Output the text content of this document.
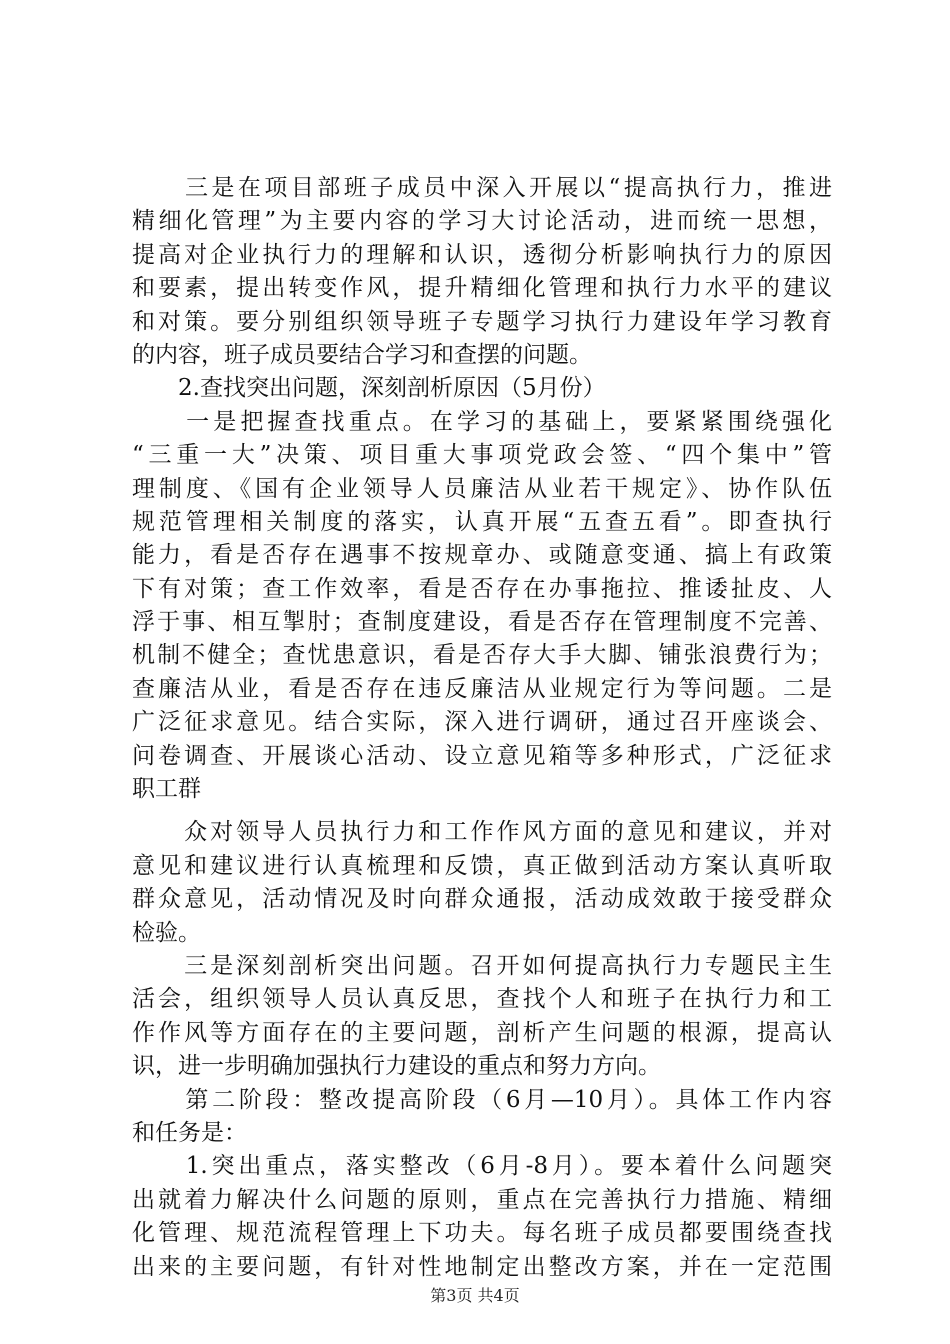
　　三是在项目部班子成员中深入开展以“提高执行力，推进
精细化管理”为主要内容的学习大讨论活动，进而统一思想，
提高对企业执行力的理解和认识，透彻分析影响执行力的原因
和要素，提出转变作风，提升精细化管理和执行力水平的建议
和对策。要分别组织领导班子专题学习执行力建设年学习教育
的内容，班子成员要结合学习和查摆的问题。
　　2.查找突出问题，深刻剖析原因（5月份）
　　一是把握查找重点。在学习的基础上，要紧紧围绕强化
“三重一大”决策、项目重大事项党政会签、“四个集中”管
理制度、《国有企业领导人员廉洁从业若干规定》、协作队伍
规范管理相关制度的落实，认真开展“五查五看”。即查执行
能力，看是否存在遇事不按规章办、或随意变通、搞上有政策
下有对策；查工作效率，看是否存在办事拖拉、推诿扯皮、人
浮于事、相互掣肘；查制度建设，看是否存在管理制度不完善、
机制不健全；查忧患意识，看是否存大手大脚、铺张浪费行为；
查廉洁从业，看是否存在违反廉洁从业规定行为等问题。二是
广泛征求意见。结合实际，深入进行调研，通过召开座谈会、
问卷调查、开展谈心活动、设立意见箱等多种形式，广泛征求
职工群
　　众对领导人员执行力和工作作风方面的意见和建议，并对
意见和建议进行认真梳理和反馈，真正做到活动方案认真听取
群众意见，活动情况及时向群众通报，活动成效敢于接受群众
检验。
　　三是深刻剖析突出问题。召开如何提高执行力专题民主生
活会，组织领导人员认真反思，查找个人和班子在执行力和工
作作风等方面存在的主要问题，剖析产生问题的根源，提高认
识，进一步明确加强执行力建设的重点和努力方向。
　　第二阶段：整改提高阶段（6月—10月）。具体工作内容
和任务是：
　　1.突出重点，落实整改（6月-8月）。要本着什么问题突
出就着力解决什么问题的原则，重点在完善执行力措施、精细
化管理、规范流程管理上下功夫。每名班子成员都要围绕查找
出来的主要问题，有针对性地制定出整改方案，并在一定范围
第3页 共4页
